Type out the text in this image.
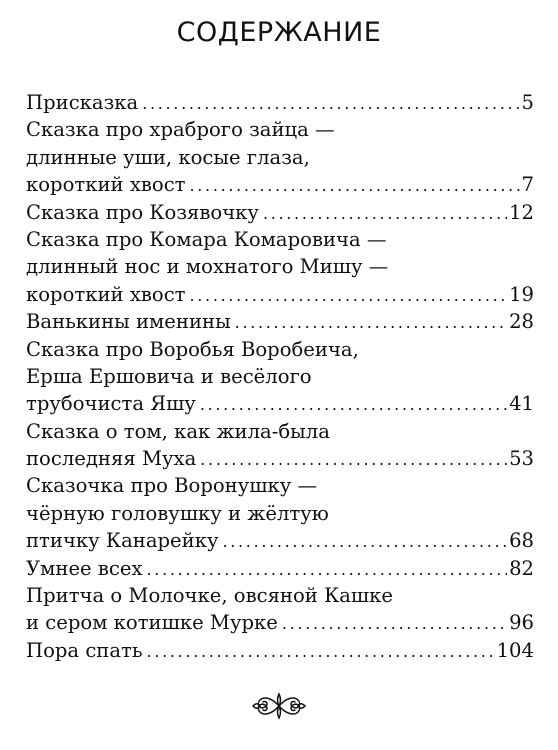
СОДЕРЖАНИЕ
Присказка . . .	5
Сказка про храброго зайца —
длинные уши, косые глаза,
короткий хвост . . .	7
Сказка про Козявочку . . .	12
Сказка про Комара Комаровича —
длинный нос и мохнатого Мишу —
короткий хвост . . .	19
Ванькины именины . . .	28
Сказка про Воробья Воробеича,
Ерша Ершовича и весёлого
трубочиста Яшу . . .	41
Сказка о том, как жила-была
последняя Муха . . .	53
Сказочка про Воронушку —
чёрную головушку и жёлтую
птичку Канарейку . . .	68
Умнее всех . . .	82
Притча о Молочке, овсяной Кашке
и сером котишке Мурке . . .	96
Пора спать . . .	104
